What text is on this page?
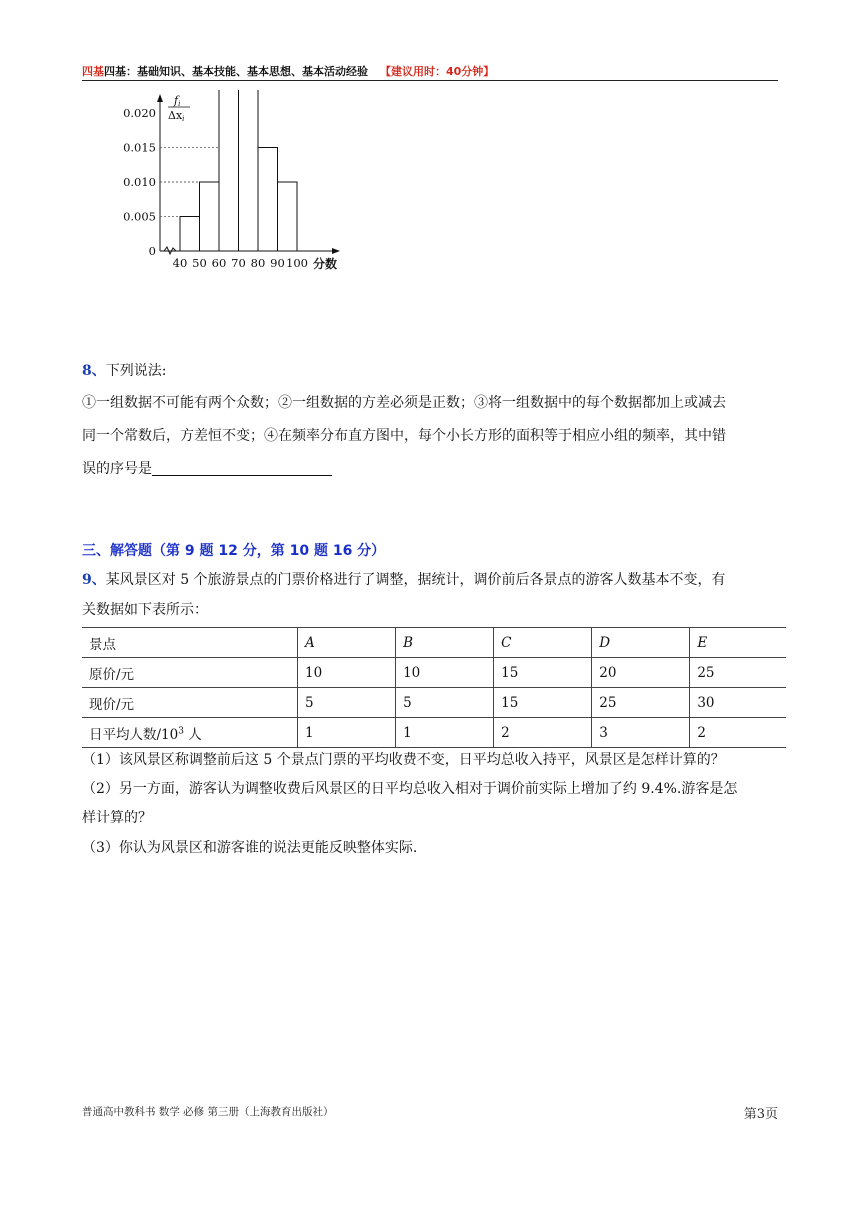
四基四基：基础知识、基本技能、基本思想、基本活动经验 【建议用时：40分钟】
fi
Δxi
0.020
0.015
0.010
0.005
0
40 50 60 70 80 90 100 分数
8、下列说法:
①一组数据不可能有两个众数；②一组数据的方差必须是正数；③将一组数据中的每个数据都加上或减去
同一个常数后，方差恒不变；④在频率分布直方图中，每个小长方形的面积等于相应小组的频率，其中错
误的序号是
三、解答题（第 9 题 12 分，第 10 题 16 分）
9、某风景区对 5 个旅游景点的门票价格进行了调整，据统计，调价前后各景点的游客人数基本不变，有
关数据如下表所示：
景点	A	B	C	D	E
原价/元	10	10	15	20	25
现价/元	5	5	15	25	30
日平均人数$/10^3$ 人	1	1	2	3	2
（1）该风景区称调整前后这 5 个景点门票的平均收费不变，日平均总收入持平，风景区是怎样计算的？
（2）另一方面，游客认为调整收费后风景区的日平均总收入相对于调价前实际上增加了约 9.4%.游客是怎
样计算的？
（3）你认为风景区和游客谁的说法更能反映整体实际.
普通高中教科书 数学 必修 第三册（上海教育出版社）	第3页
